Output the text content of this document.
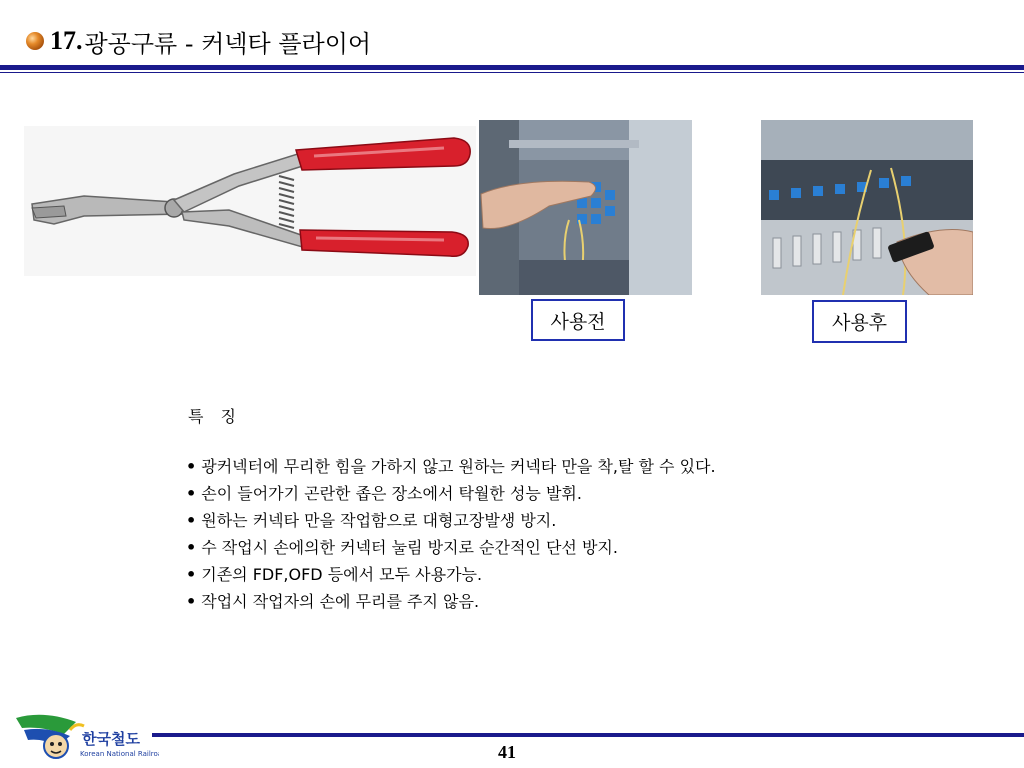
17. 광공구류 - 커넥타 플라이어
사용전	사용후
특 징
• 광커넥터에 무리한 힘을 가하지 않고 원하는 커넥타 만을 착,탈 할 수 있다.
• 손이 들어가기 곤란한 좁은 장소에서 탁월한 성능 발휘.
• 원하는 커넥타 만을 작업함으로 대형고장발생 방지.
• 수 작업시 손에의한 커넥터 눌림 방지로 순간적인 단선 방지.
• 기존의 FDF,OFD 등에서 모두 사용가능.
• 작업시 작업자의 손에 무리를 주지 않음.
한국철도
Korean National Railroad	41
